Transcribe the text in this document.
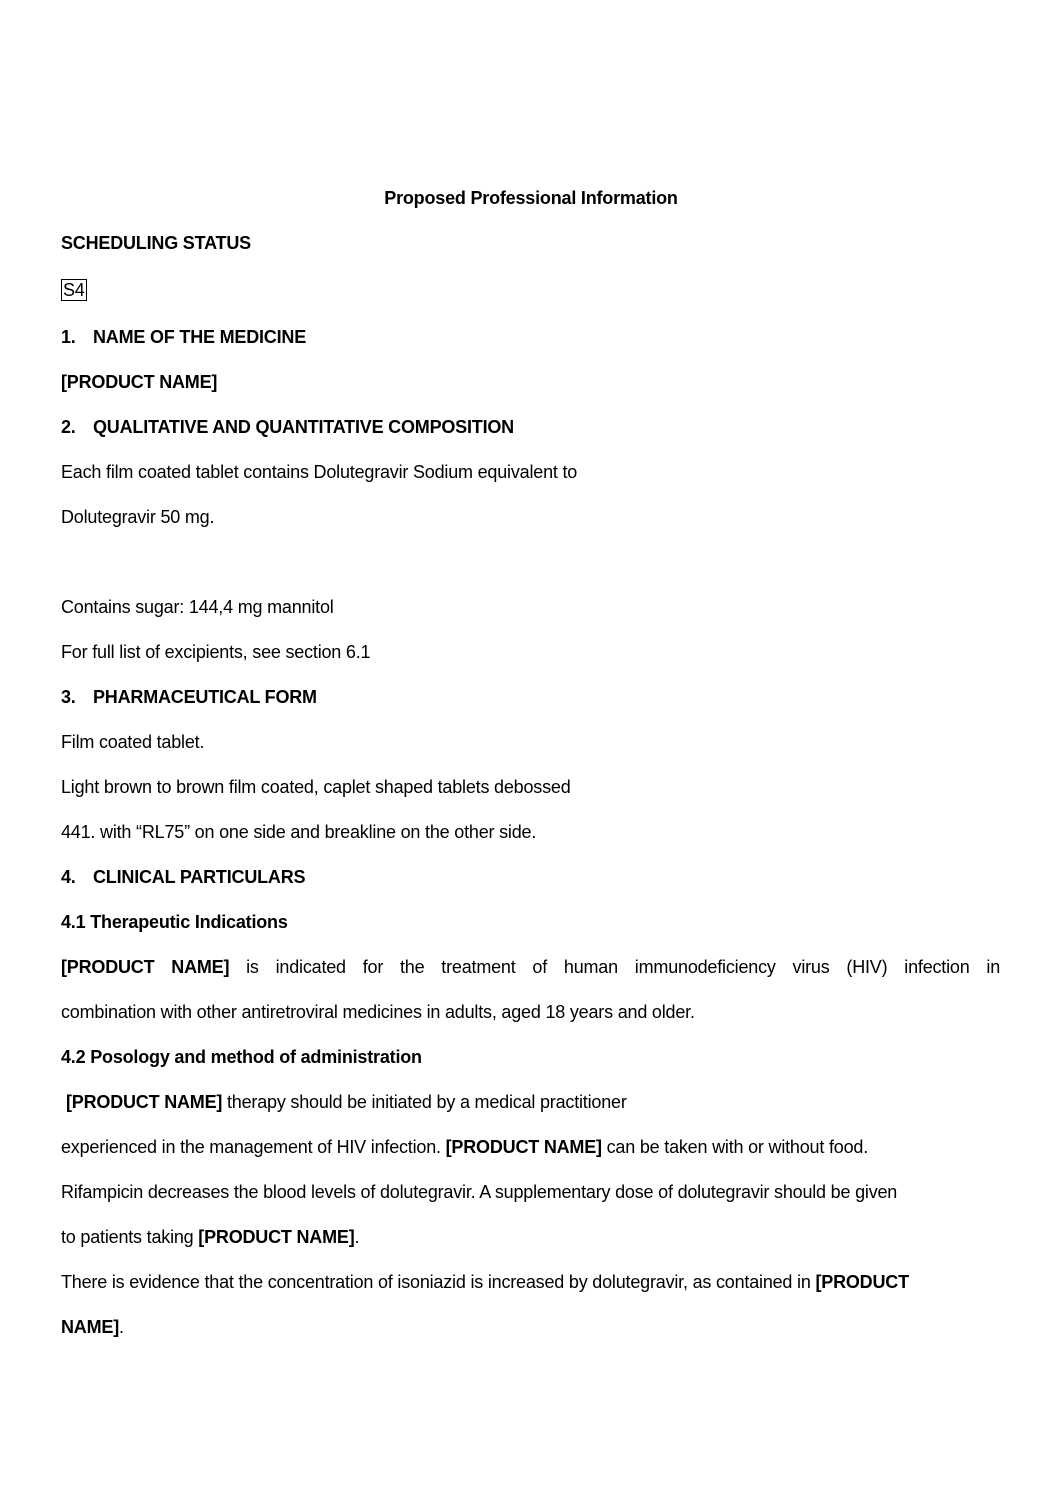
Proposed Professional Information
SCHEDULING STATUS
S4
1. NAME OF THE MEDICINE
[PRODUCT NAME]
2. QUALITATIVE AND QUANTITATIVE COMPOSITION
Each film coated tablet contains Dolutegravir Sodium equivalent to
Dolutegravir 50 mg.
Contains sugar: 144,4 mg mannitol
For full list of excipients, see section 6.1
3. PHARMACEUTICAL FORM
Film coated tablet.
Light brown to brown film coated, caplet shaped tablets debossed
441. with “RL75” on one side and breakline on the other side.
4. CLINICAL PARTICULARS
4.1 Therapeutic Indications
[PRODUCT NAME] is indicated for the treatment of human immunodeficiency virus (HIV) infection in
combination with other antiretroviral medicines in adults, aged 18 years and older.
4.2 Posology and method of administration
[PRODUCT NAME] therapy should be initiated by a medical practitioner
experienced in the management of HIV infection. [PRODUCT NAME] can be taken with or without food.
Rifampicin decreases the blood levels of dolutegravir. A supplementary dose of dolutegravir should be given
to patients taking [PRODUCT NAME].
There is evidence that the concentration of isoniazid is increased by dolutegravir, as contained in [PRODUCT
NAME].
